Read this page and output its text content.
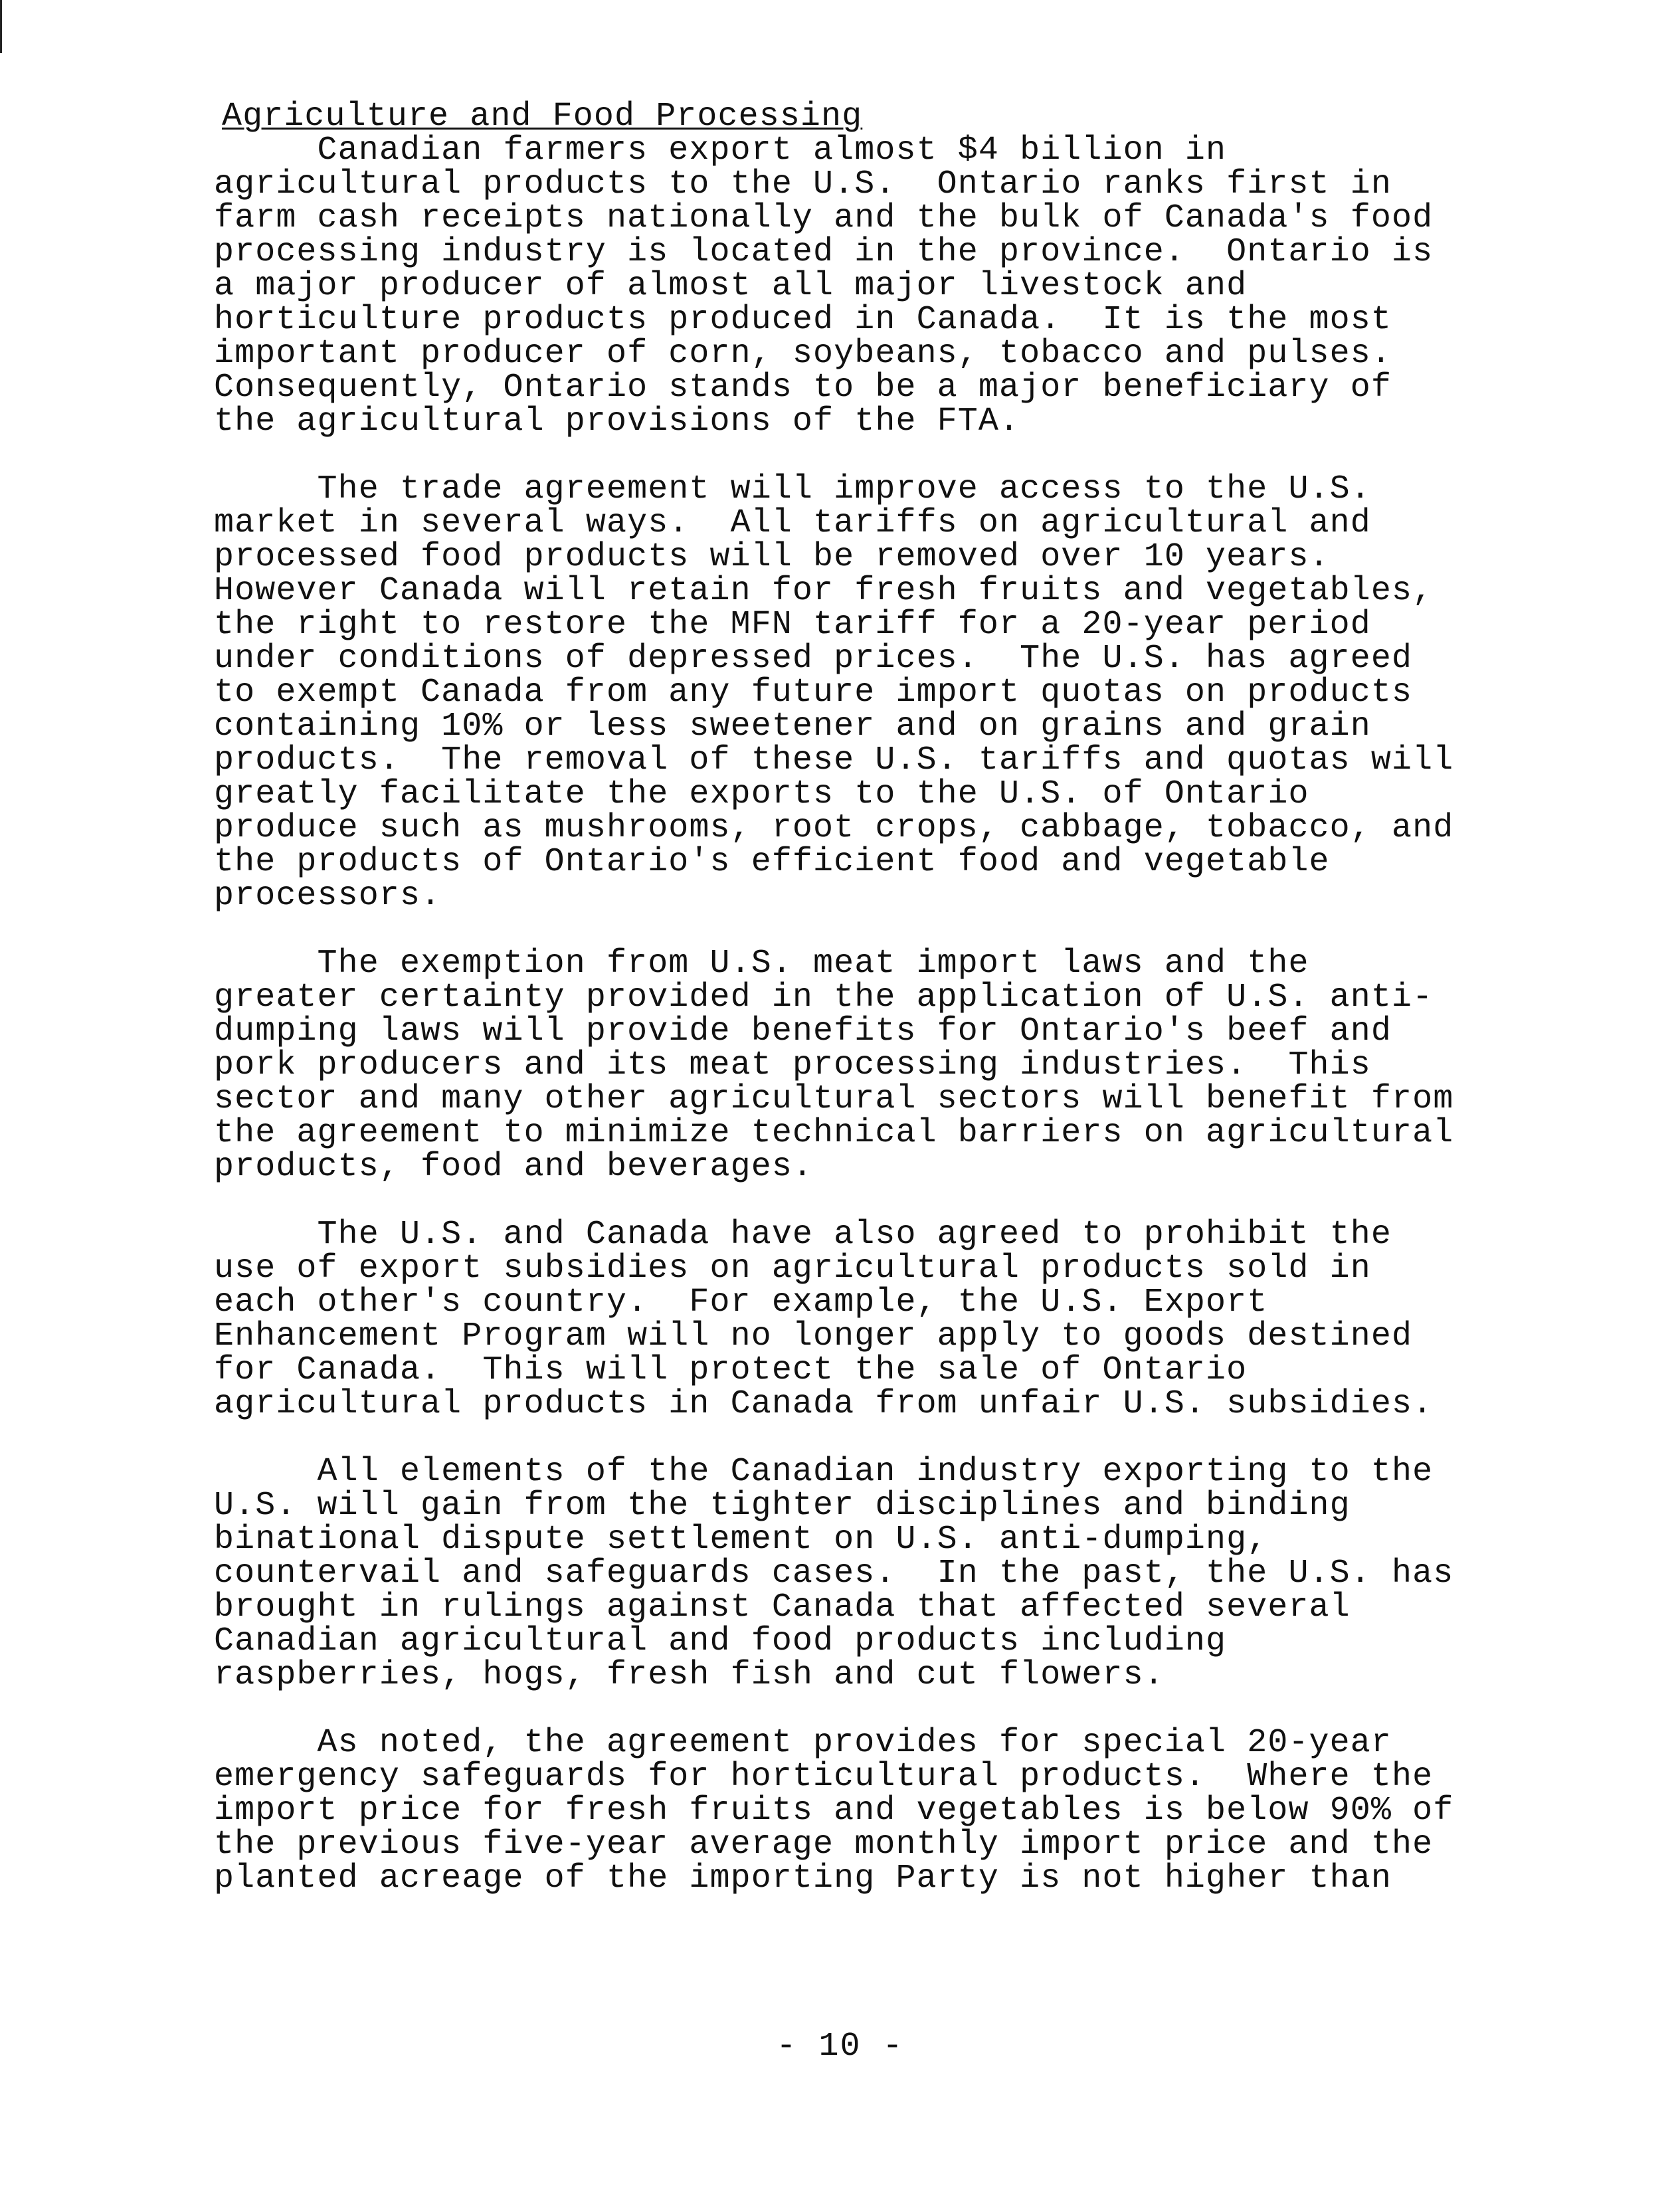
Agriculture and Food Processing

Canadian farmers export almost $4 billion in
agricultural products to the U.S.  Ontario ranks first in
farm cash receipts nationally and the bulk of Canada's food
processing industry is located in the province.  Ontario is
a major producer of almost all major livestock and
horticulture products produced in Canada.  It is the most
important producer of corn, soybeans, tobacco and pulses.
Consequently, Ontario stands to be a major beneficiary of
the agricultural provisions of the FTA.

The trade agreement will improve access to the U.S.
market in several ways.  All tariffs on agricultural and
processed food products will be removed over 10 years.
However Canada will retain for fresh fruits and vegetables,
the right to restore the MFN tariff for a 20-year period
under conditions of depressed prices.  The U.S. has agreed
to exempt Canada from any future import quotas on products
containing 10% or less sweetener and on grains and grain
products.  The removal of these U.S. tariffs and quotas will
greatly facilitate the exports to the U.S. of Ontario
produce such as mushrooms, root crops, cabbage, tobacco, and
the products of Ontario's efficient food and vegetable
processors.

The exemption from U.S. meat import laws and the
greater certainty provided in the application of U.S. anti-
dumping laws will provide benefits for Ontario's beef and
pork producers and its meat processing industries.  This
sector and many other agricultural sectors will benefit from
the agreement to minimize technical barriers on agricultural
products, food and beverages.

The U.S. and Canada have also agreed to prohibit the
use of export subsidies on agricultural products sold in
each other's country.  For example, the U.S. Export
Enhancement Program will no longer apply to goods destined
for Canada.  This will protect the sale of Ontario
agricultural products in Canada from unfair U.S. subsidies.

All elements of the Canadian industry exporting to the
U.S. will gain from the tighter disciplines and binding
binational dispute settlement on U.S. anti-dumping,
countervail and safeguards cases.  In the past, the U.S. has
brought in rulings against Canada that affected several
Canadian agricultural and food products including
raspberries, hogs, fresh fish and cut flowers.

As noted, the agreement provides for special 20-year
emergency safeguards for horticultural products.  Where the
import price for fresh fruits and vegetables is below 90% of
the previous five-year average monthly import price and the
planted acreage of the importing Party is not higher than

- 10 -
